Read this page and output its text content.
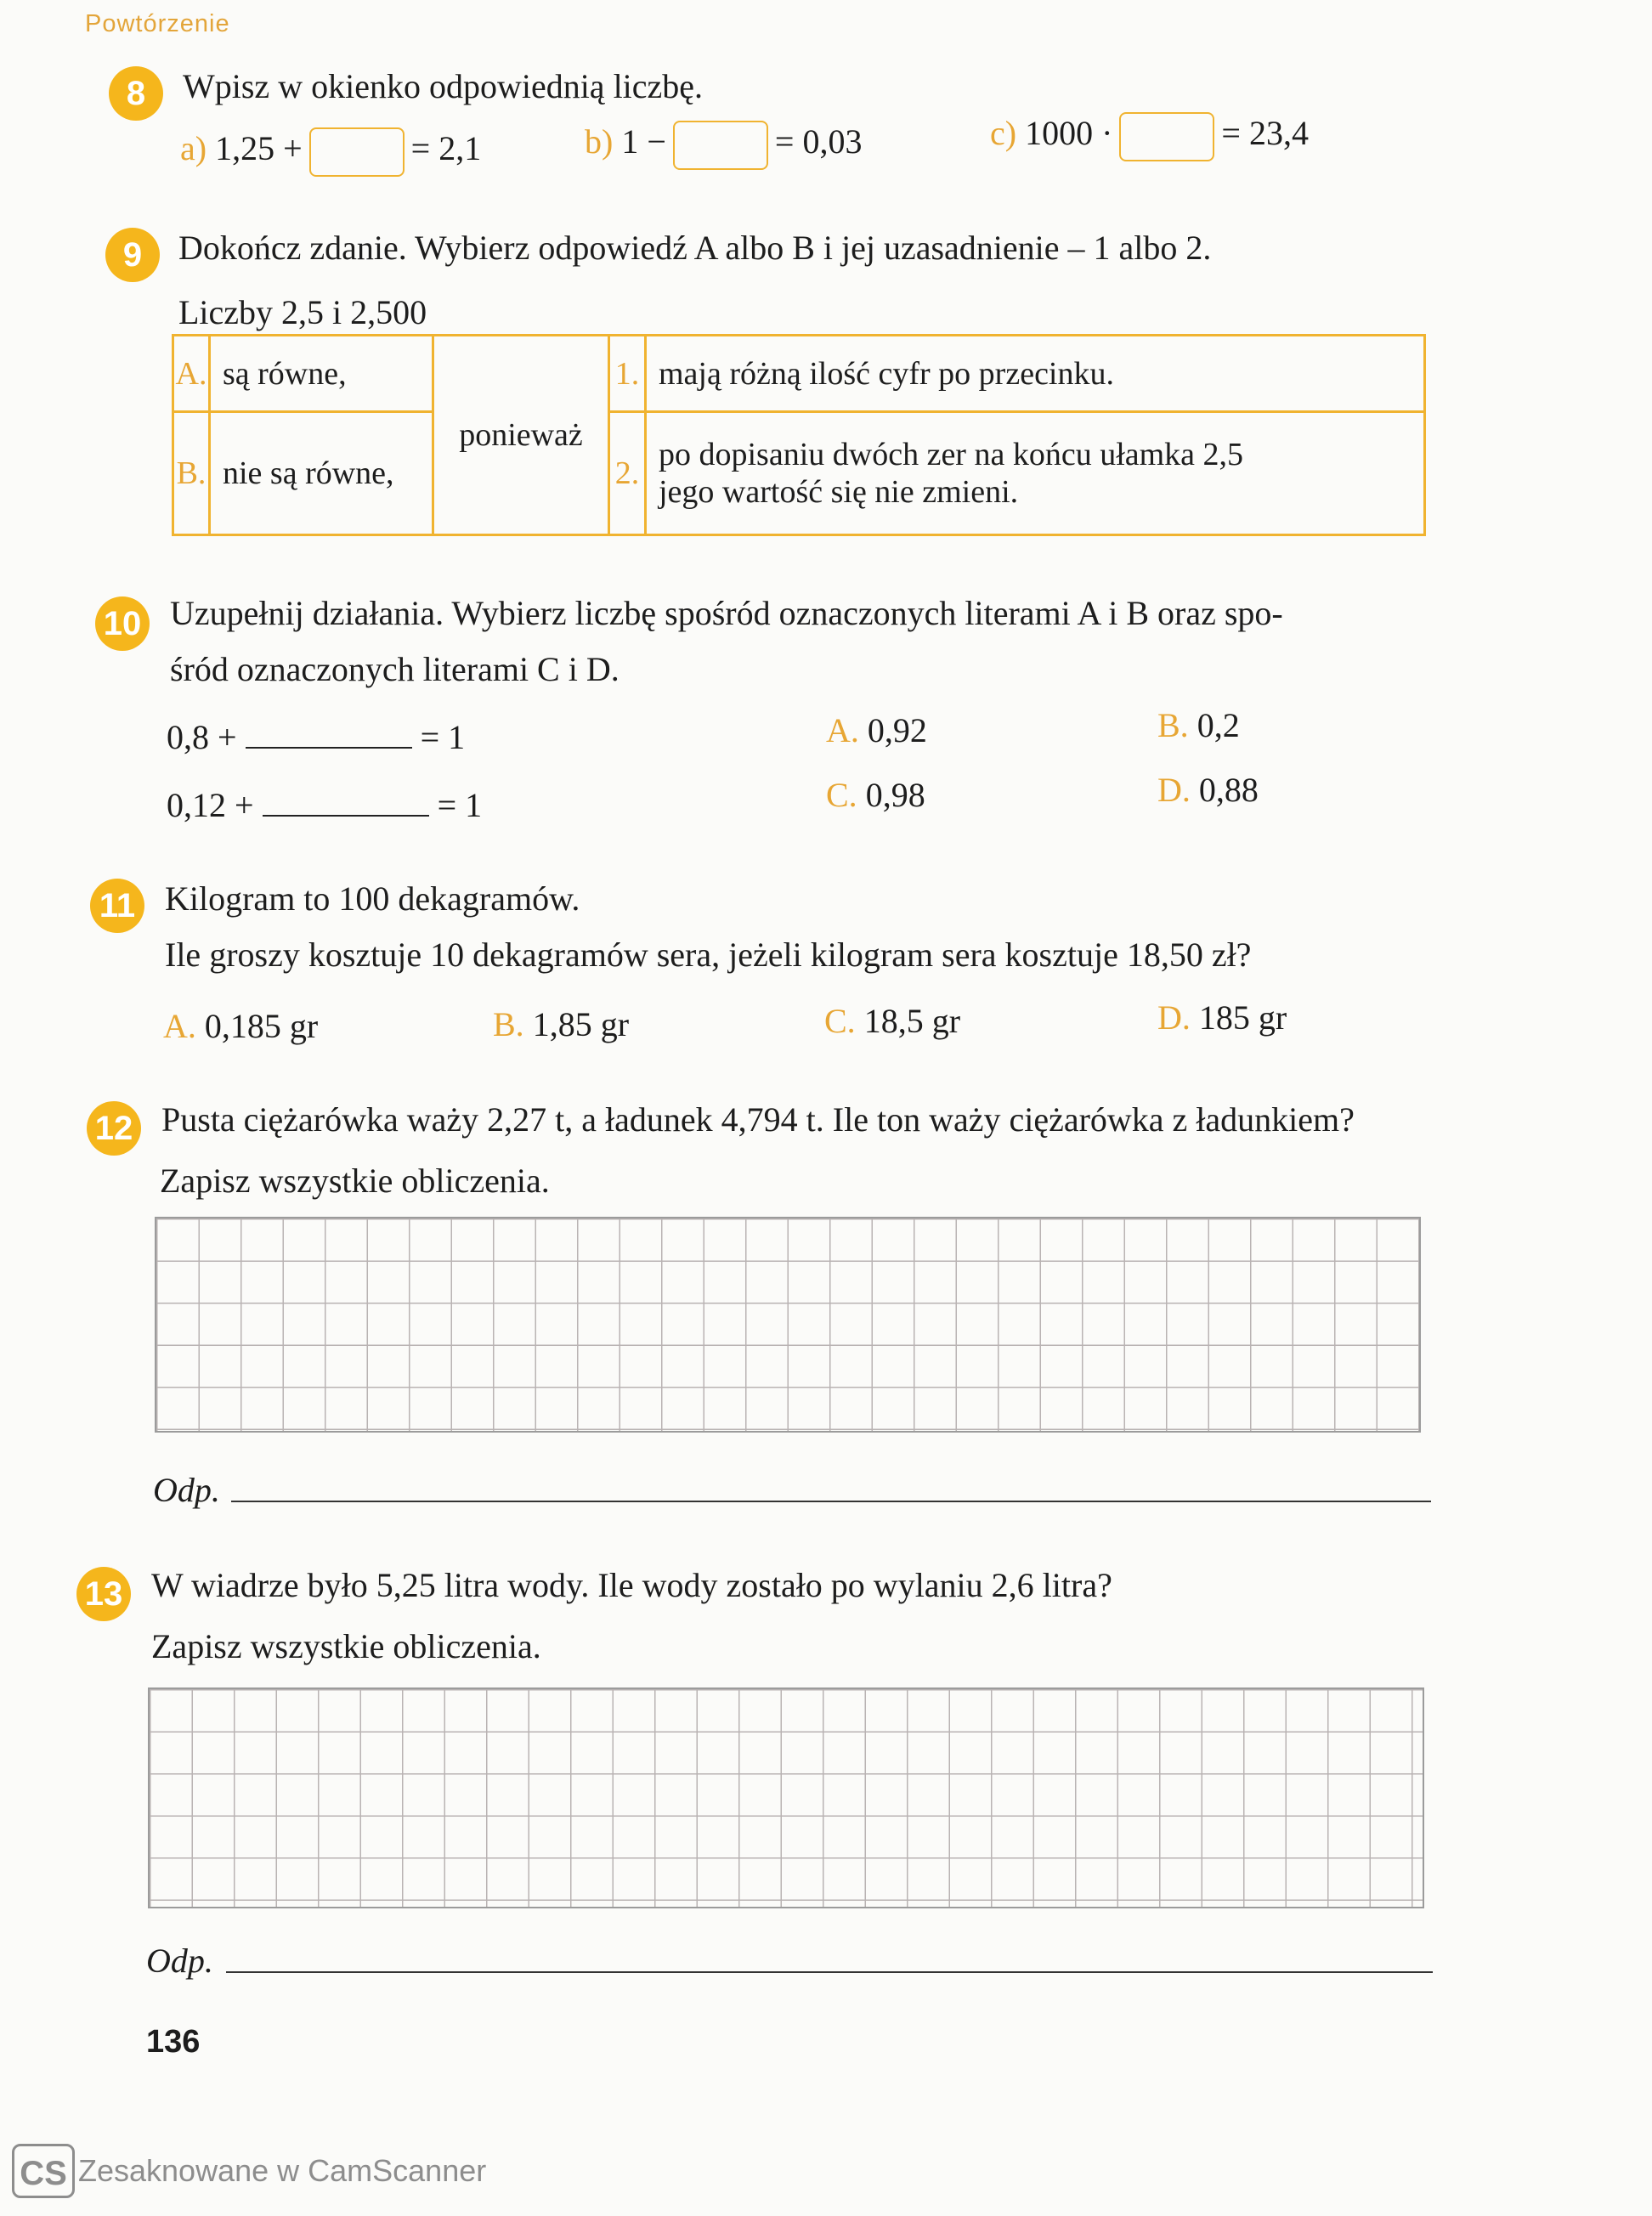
Powtórzenie
8	Wpisz w okienko odpowiednią liczbę.
a) 1,25 +	= 2,1	b) 1 −	= 0,03	c) 1000 ·	= 23,4
9	Dokończ zdanie. Wybierz odpowiedź A albo B i jej uzasadnienie – 1 albo 2.
Liczby 2,5 i 2,500
A.	są równe,	ponieważ	1.	mają różną ilość cyfr po przecinku.
B.	nie są równe,		2.	po dopisaniu dwóch zer na końcu ułamka 2,5
jego wartość się nie zmieni.
10 Uzupełnij działania. Wybierz liczbę spośród oznaczonych literami A i B oraz spo-
śród oznaczonych literami C i D.
0,8 +	= 1
0,12 +	= 1
A. 0,92	B. 0,2
C. 0,98	D. 0,88
11 Kilogram to 100 dekagramów.
Ile groszy kosztuje 10 dekagramów sera, jeżeli kilogram sera kosztuje 18,50 zł?
A. 0,185 gr	B. 1,85 gr	C. 18,5 gr	D. 185 gr
12 Pusta ciężarówka waży 2,27 t, a ładunek 4,794 t. Ile ton waży ciężarówka z ładunkiem?
Zapisz wszystkie obliczenia.
Odp.
13 W wiadrze było 5,25 litra wody. Ile wody zostało po wylaniu 2,6 litra?
Zapisz wszystkie obliczenia.
Odp.
136
CS Zesaknowane w CamScanner
